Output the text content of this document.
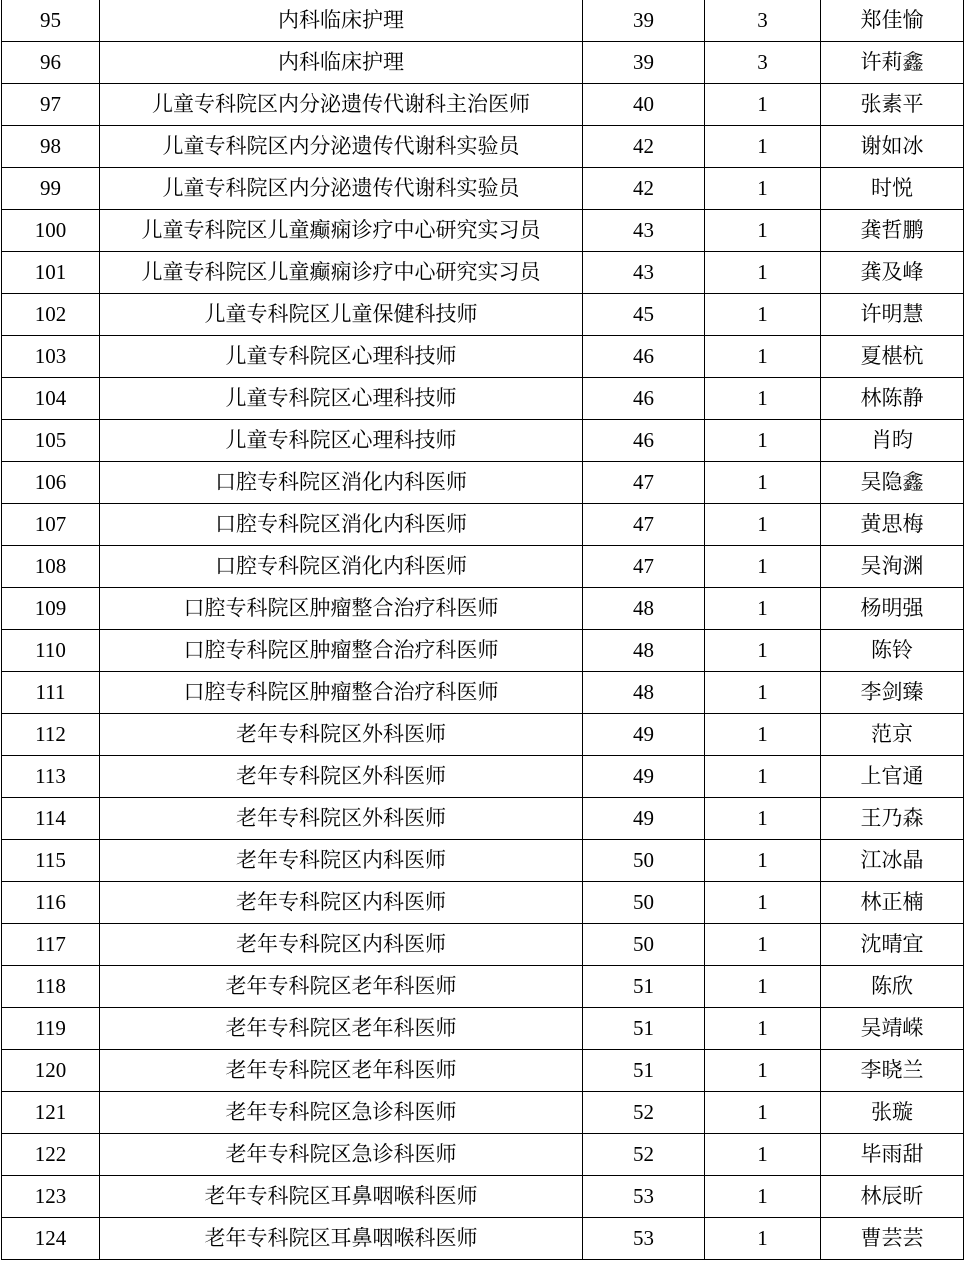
95	内科临床护理	39	3	郑佳愉
96	内科临床护理	39	3	许莉鑫
97	儿童专科院区内分泌遗传代谢科主治医师	40	1	张素平
98	儿童专科院区内分泌遗传代谢科实验员	42	1	谢如冰
99	儿童专科院区内分泌遗传代谢科实验员	42	1	时悦
100	儿童专科院区儿童癫痫诊疗中心研究实习员	43	1	龚哲鹏
101	儿童专科院区儿童癫痫诊疗中心研究实习员	43	1	龚及峰
102	儿童专科院区儿童保健科技师	45	1	许明慧
103	儿童专科院区心理科技师	46	1	夏椹杭
104	儿童专科院区心理科技师	46	1	林陈静
105	儿童专科院区心理科技师	46	1	肖昀
106	口腔专科院区消化内科医师	47	1	吴隐鑫
107	口腔专科院区消化内科医师	47	1	黄思梅
108	口腔专科院区消化内科医师	47	1	吴洵渊
109	口腔专科院区肿瘤整合治疗科医师	48	1	杨明强
110	口腔专科院区肿瘤整合治疗科医师	48	1	陈铃
111	口腔专科院区肿瘤整合治疗科医师	48	1	李剑臻
112	老年专科院区外科医师	49	1	范京
113	老年专科院区外科医师	49	1	上官通
114	老年专科院区外科医师	49	1	王乃森
115	老年专科院区内科医师	50	1	江冰晶
116	老年专科院区内科医师	50	1	林正楠
117	老年专科院区内科医师	50	1	沈晴宜
118	老年专科院区老年科医师	51	1	陈欣
119	老年专科院区老年科医师	51	1	吴靖嵘
120	老年专科院区老年科医师	51	1	李晓兰
121	老年专科院区急诊科医师	52	1	张璇
122	老年专科院区急诊科医师	52	1	毕雨甜
123	老年专科院区耳鼻咽喉科医师	53	1	林辰昕
124	老年专科院区耳鼻咽喉科医师	53	1	曹芸芸
